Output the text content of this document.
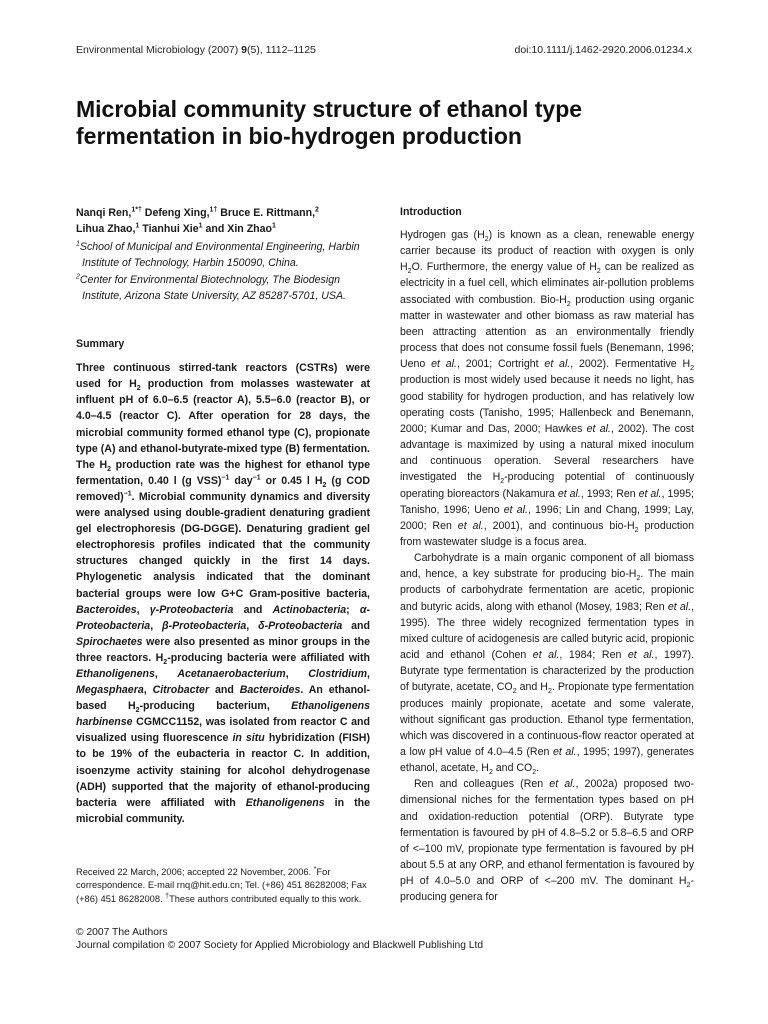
Environmental Microbiology (2007) 9(5), 1112–1125	doi:10.1111/j.1462-2920.2006.01234.x
Microbial community structure of ethanol type fermentation in bio-hydrogen production
Nanqi Ren,$^{1*\dagger}$ Defeng Xing,$^{1\dagger}$ Bruce E. Rittmann,$^2$
Lihua Zhao,$^1$ Tianhui Xie$^1$ and Xin Zhao$^1$
$^1$School of Municipal and Environmental Engineering, Harbin Institute of Technology, Harbin 150090, China.
$^2$Center for Environmental Biotechnology, The Biodesign Institute, Arizona State University, AZ 85287-5701, USA.
Summary

Three continuous stirred-tank reactors (CSTRs) were used for $H_2$ production from molasses wastewater at influent pH of 6.0–6.5 (reactor A), 5.5–6.0 (reactor B), or 4.0–4.5 (reactor C). After operation for 28 days, the microbial community formed ethanol type (C), propionate type (A) and ethanol-butyrate-mixed type (B) fermentation. The $H_2$ production rate was the highest for ethanol type fermentation, 0.40 l (g VSS)$^{-1}$ day$^{-1}$ or 0.45 l $H_2$ (g COD removed)$^{-1}$. Microbial community dynamics and diversity were analysed using double-gradient denaturing gradient gel electrophoresis (DG-DGGE). Denaturing gradient gel electrophoresis profiles indicated that the community structures changed quickly in the first 14 days. Phylogenetic analysis indicated that the dominant bacterial groups were low G+C Gram-positive bacteria, Bacteroides, γ-Proteobacteria and Actinobacteria; α-Proteobacteria, β-Proteobacteria, δ-Proteobacteria and Spirochaetes were also presented as minor groups in the three reactors. $H_2$-producing bacteria were affiliated with Ethanoligenens, Acetanaerobacterium, Clostridium, Megasphaera, Citrobacter and Bacteroides. An ethanol-based $H_2$-producing bacterium, Ethanoligenens harbinense CGMCC1152, was isolated from reactor C and visualized using fluorescence in situ hybridization (FISH) to be 19% of the eubacteria in reactor C. In addition, isoenzyme activity staining for alcohol dehydrogenase (ADH) supported that the majority of ethanol-producing bacteria were affiliated with Ethanoligenens in the microbial community.

Received 22 March, 2006; accepted 22 November, 2006. *For correspondence. E-mail rnq@hit.edu.cn; Tel. (+86) 451 86282008; Fax (+86) 451 86282008. †These authors contributed equally to this work.

Introduction

Hydrogen gas $(H_2)$ is known as a clean, renewable energy carrier because its product of reaction with oxygen is only $H_2O$. Furthermore, the energy value of $H_2$ can be realized as electricity in a fuel cell, which eliminates air-pollution problems associated with combustion. Bio-$H_2$ production using organic matter in wastewater and other biomass as raw material has been attracting attention as an environmentally friendly process that does not consume fossil fuels (Benemann, 1996; Ueno et al., 2001; Cortright et al., 2002). Fermentative $H_2$ production is most widely used because it needs no light, has good stability for hydrogen production, and has relatively low operating costs (Tanisho, 1995; Hallenbeck and Benemann, 2000; Kumar and Das, 2000; Hawkes et al., 2002). The cost advantage is maximized by using a natural mixed inoculum and continuous operation. Several researchers have investigated the $H_2$-producing potential of continuously operating bioreactors (Nakamura et al., 1993; Ren et al., 1995; Tanisho, 1996; Ueno et al., 1996; Lin and Chang, 1999; Lay, 2000; Ren et al., 2001), and continuous bio-$H_2$ production from wastewater sludge is a focus area.

Carbohydrate is a main organic component of all biomass and, hence, a key substrate for producing bio-$H_2$. The main products of carbohydrate fermentation are acetic, propionic and butyric acids, along with ethanol (Mosey, 1983; Ren et al., 1995). The three widely recognized fermentation types in mixed culture of acidogenesis are called butyric acid, propionic acid and ethanol (Cohen et al., 1984; Ren et al., 1997). Butyrate type fermentation is characterized by the production of butyrate, acetate, $CO_2$ and $H_2$. Propionate type fermentation produces mainly propionate, acetate and some valerate, without significant gas production. Ethanol type fermentation, which was discovered in a continuous-flow reactor operated at a low pH value of 4.0–4.5 (Ren et al., 1995; 1997), generates ethanol, acetate, $H_2$ and $CO_2$.

Ren and colleagues (Ren et al., 2002a) proposed two-dimensional niches for the fermentation types based on pH and oxidation-reduction potential (ORP). Butyrate type fermentation is favoured by pH of 4.8–5.2 or 5.8–6.5 and ORP of <–100 mV, propionate type fermentation is favoured by pH about 5.5 at any ORP, and ethanol fermentation is favoured by pH of 4.0–5.0 and ORP of <–200 mV. The dominant $H_2$-producing genera for

© 2007 The Authors
Journal compilation © 2007 Society for Applied Microbiology and Blackwell Publishing Ltd
